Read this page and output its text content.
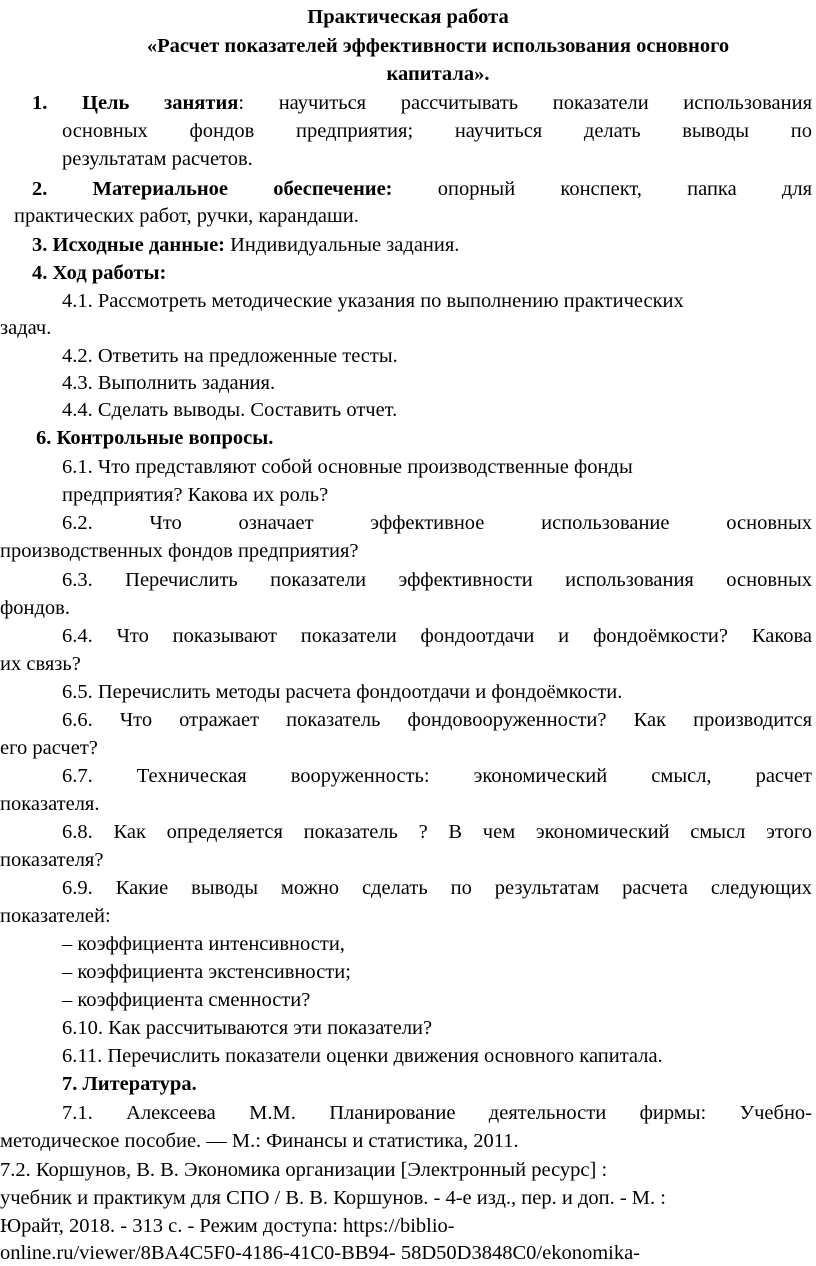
Практическая работа
«Расчет показателей эффективности использования основного
капитала».
1. Цель занятия: научиться рассчитывать показатели использования
основных фондов предприятия; научиться делать выводы по
результатам расчетов.
2. Материальное обеспечение: опорный конспект, папка для
практических работ, ручки, карандаши.
3. Исходные данные: Индивидуальные задания.
4. Ход работы:
4.1. Рассмотреть методические указания по выполнению практических
задач.
4.2. Ответить на предложенные тесты.
4.3. Выполнить задания.
4.4. Сделать выводы. Составить отчет.
6. Контрольные вопросы.
6.1. Что представляют собой основные производственные фонды
предприятия? Какова их роль?
6.2. Что означает эффективное использование основных
производственных фондов предприятия?
6.3. Перечислить показатели эффективности использования основных
фондов.
6.4. Что показывают показатели фондоотдачи и фондоёмкости? Какова
их связь?
6.5. Перечислить методы расчета фондоотдачи и фондоёмкости.
6.6. Что отражает показатель фондовооруженности? Как производится
его расчет?
6.7. Техническая вооруженность: экономический смысл, расчет
показателя.
6.8. Как определяется показатель ? В чем экономический смысл этого
показателя?
6.9. Какие выводы можно сделать по результатам расчета следующих
показателей:
– коэффициента интенсивности,
– коэффициента экстенсивности;
– коэффициента сменности?
6.10. Как рассчитываются эти показатели?
6.11. Перечислить показатели оценки движения основного капитала.
7. Литература.
7.1. Алексеева М.М. Планирование деятельности фирмы: Учебно-
методическое пособие. — М.: Финансы и статистика, 2011.
7.2. Коршунов, В. В. Экономика организации [Электронный ресурс] :
учебник и практикум для СПО / В. В. Коршунов. - 4-е изд., пер. и доп. - М. :
Юрайт, 2018. - 313 с. - Режим доступа: https://biblio-
online.ru/viewer/8BA4C5F0-4186-41C0-BB94- 58D50D3848C0/ekonomika-
